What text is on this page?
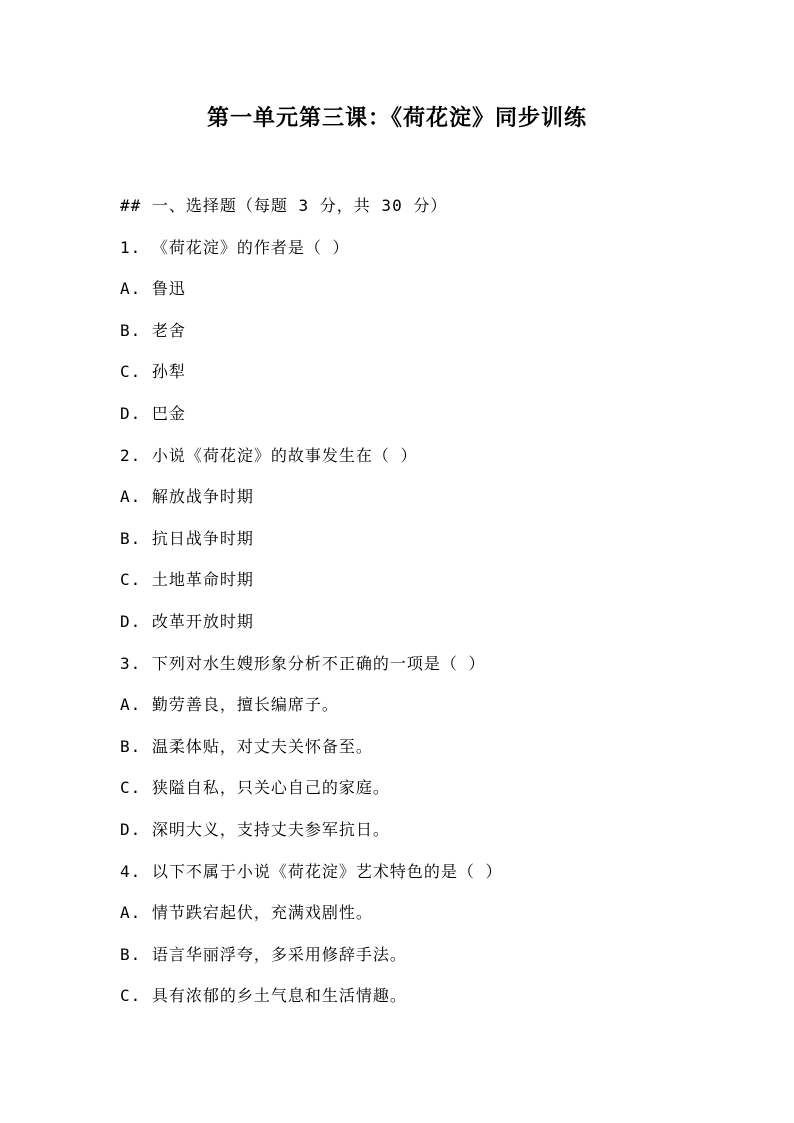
第一单元第三课：《荷花淀》同步训练
## 一、选择题（每题 3 分，共 30 分）
1. 《荷花淀》的作者是（ ）
A. 鲁迅
B. 老舍
C. 孙犁
D. 巴金
2. 小说《荷花淀》的故事发生在（ ）
A. 解放战争时期
B. 抗日战争时期
C. 土地革命时期
D. 改革开放时期
3. 下列对水生嫂形象分析不正确的一项是（ ）
A. 勤劳善良，擅长编席子。
B. 温柔体贴，对丈夫关怀备至。
C. 狭隘自私，只关心自己的家庭。
D. 深明大义，支持丈夫参军抗日。
4. 以下不属于小说《荷花淀》艺术特色的是（ ）
A. 情节跌宕起伏，充满戏剧性。
B. 语言华丽浮夸，多采用修辞手法。
C. 具有浓郁的乡土气息和生活情趣。
